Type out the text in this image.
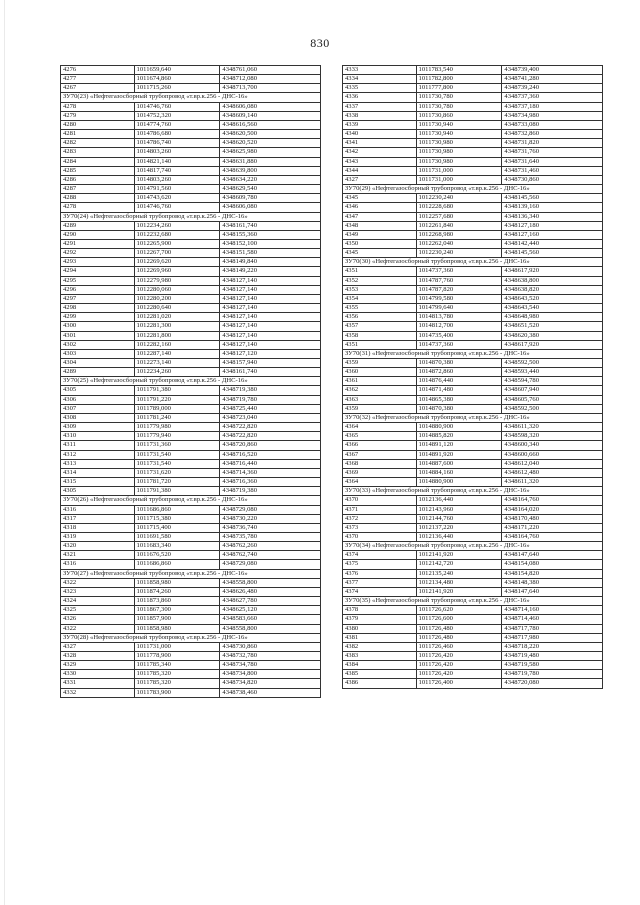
830
4276	1011659,640	4348761,060
4277	1011674,860	4348712,080
4267	1011715,260	4348713,700
ЗУ70(23) «Нефтегазосборный трубопровод «т.вр.к.256 - ДНС-16»		
4278	1014746,760	4348606,080
4279	1014752,320	4348609,140
4280	1014774,760	4348616,560
4281	1014786,680	4348620,500
4282	1014786,740	4348620,520
4283	1014803,260	4348625,980
4284	1014821,140	4348631,880
4285	1014817,740	4348639,800
4286	1014803,260	4348634,220
4287	1014791,560	4348629,540
4288	1014743,620	4348609,780
4278	1014746,760	4348606,080
ЗУ70(24) «Нефтегазосборный трубопровод «т.вр.к.256 - ДНС-16»		
4289	1012234,260	4348161,740
4290	1012232,680	4348155,360
4291	1012265,900	4348152,100
4292	1012267,700	4348151,580
4293	1012269,620	4348149,840
4294	1012269,960	4348149,220
4295	1012279,980	4348127,140
4296	1012280,060	4348127,140
4297	1012280,200	4348127,140
4298	1012280,640	4348127,140
4299	1012281,020	4348127,140
4300	1012281,300	4348127,140
4301	1012281,800	4348127,140
4302	1012282,160	4348127,140
4303	1012287,140	4348127,120
4304	1012273,140	4348157,940
4289	1012234,260	4348161,740
ЗУ70(25) «Нефтегазосборный трубопровод «т.вр.к.256 - ДНС-16»		
4305	1011791,380	4348719,380
4306	1011791,220	4348719,780
4307	1011789,000	4348725,440
4308	1011781,240	4348723,040
4309	1011779,980	4348722,820
4310	1011779,940	4348722,820
4311	1011731,360	4348720,860
4312	1011731,540	4348716,520
4313	1011731,540	4348716,440
4314	1011731,620	4348714,360
4315	1011781,720	4348716,360
4305	1011791,380	4348719,380
ЗУ70(26) «Нефтегазосборный трубопровод «т.вр.к.256 - ДНС-16»		
4316	1011686,860	4348729,080
4317	1011715,380	4348730,220
4318	1011715,400	4348736,740
4319	1011691,580	4348735,780
4320	1011683,340	4348762,260
4321	1011676,520	4348762,740
4316	1011686,860	4348729,080
ЗУ70(27) «Нефтегазосборный трубопровод «т.вр.к.256 - ДНС-16»		
4322	1011858,980	4348558,800
4323	1011874,260	4348626,480
4324	1011873,860	4348627,780
4325	1011867,300	4348625,120
4326	1011857,900	4348583,660
4322	1011858,980	4348558,800
ЗУ70(28) «Нефтегазосборный трубопровод «т.вр.к.256 - ДНС-16»		
4327	1011731,000	4348730,860
4328	1011778,900	4348732,780
4329	1011785,340	4348734,780
4330	1011785,320	4348734,800
4331	1011785,320	4348734,820
4332	1011783,900	4348738,460
4333	1011783,540	4348739,400
4334	1011782,800	4348741,280
4335	1011777,800	4348739,240
4336	1011730,780	4348737,360
4337	1011730,780	4348737,180
4338	1011730,860	4348734,980
4339	1011730,940	4348733,080
4340	1011730,940	4348732,860
4341	1011730,980	4348731,820
4342	1011730,980	4348731,760
4343	1011730,980	4348731,640
4344	1011731,000	4348731,460
4327	1011731,000	4348730,860
ЗУ70(29) «Нефтегазосборный трубопровод «т.вр.к.256 - ДНС-16»		
4345	1012230,240	4348145,560
4346	1012228,680	4348139,160
4347	1012257,680	4348136,340
4348	1012261,840	4348127,180
4349	1012268,980	4348127,160
4350	1012262,040	4348142,440
4345	1012230,240	4348145,560
ЗУ70(30) «Нефтегазосборный трубопровод «т.вр.к.256 - ДНС-16»		
4351	1014737,360	4348617,920
4352	1014787,760	4348638,800
4353	1014787,820	4348638,820
4354	1014799,580	4348643,520
4355	1014799,640	4348643,540
4356	1014813,780	4348648,980
4357	1014812,700	4348651,520
4358	1014735,400	4348620,380
4351	1014737,360	4348617,920
ЗУ70(31) «Нефтегазосборный трубопровод «т.вр.к.256 - ДНС-16»		
4359	1014870,380	4348592,500
4360	1014872,860	4348593,440
4361	1014876,440	4348594,780
4362	1014871,480	4348607,940
4363	1014865,380	4348605,760
4359	1014870,380	4348592,500
ЗУ70(32) «Нефтегазосборный трубопровод «т.вр.к.256 - ДНС-16»		
4364	1014880,900	4348611,320
4365	1014885,820	4348598,320
4366	1014891,120	4348600,340
4367	1014891,920	4348600,660
4368	1014887,600	4348612,040
4369	1014884,160	4348612,480
4364	1014880,900	4348611,320
ЗУ70(33) «Нефтегазосборный трубопровод «т.вр.к.256 - ДНС-16»		
4370	1012136,440	4348164,760
4371	1012143,960	4348164,020
4372	1012144,760	4348170,480
4373	1012137,220	4348171,220
4370	1012136,440	4348164,760
ЗУ70(34) «Нефтегазосборный трубопровод «т.вр.к.256 - ДНС-16»		
4374	1012141,920	4348147,640
4375	1012142,720	4348154,080
4376	1012135,240	4348154,820
4377	1012134,480	4348148,380
4374	1012141,920	4348147,640
ЗУ70(35) «Нефтегазосборный трубопровод «т.вр.к.256 - ДНС-16»		
4378	1011726,620	4348714,160
4379	1011726,600	4348714,460
4380	1011726,480	4348717,780
4381	1011726,480	4348717,980
4382	1011726,460	4348718,220
4383	1011726,420	4348719,480
4384	1011726,420	4348719,580
4385	1011726,420	4348719,780
4386	1011726,400	4348720,080
